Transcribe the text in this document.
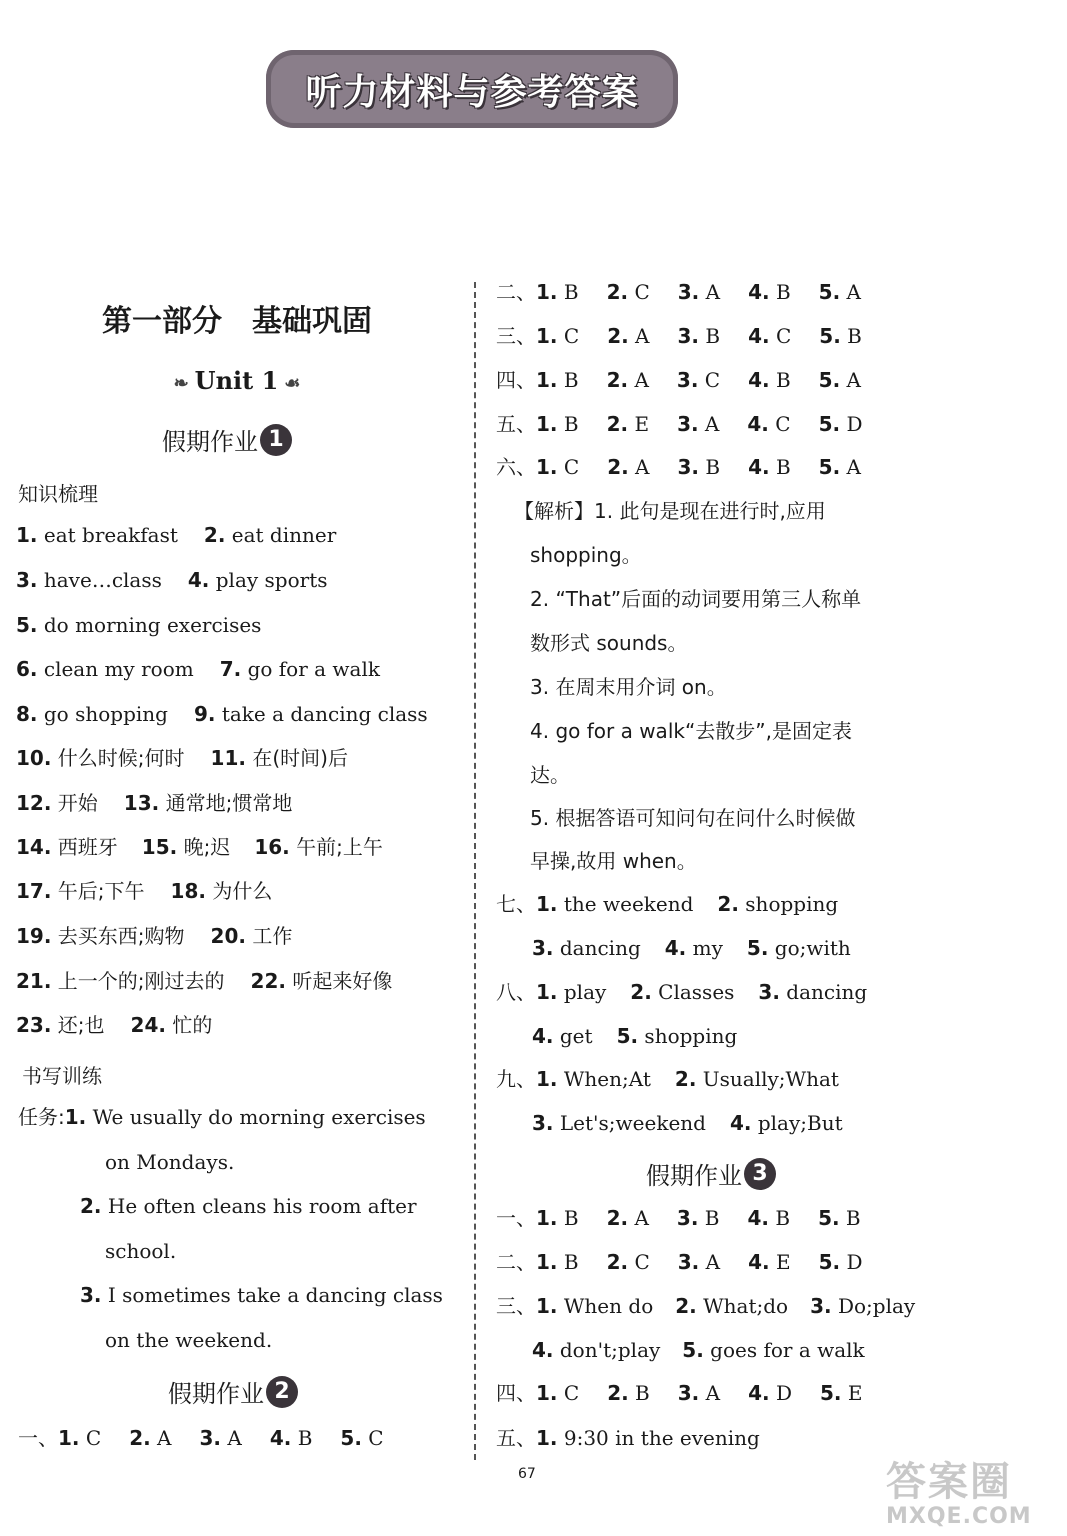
听力材料与参考答案
第一部分　基础巩固
❧ Unit 1 ☙
假期作业 1
知识梳理
1. eat breakfast 2. eat dinner
3. have…class 4. play sports
5. do morning exercises
6. clean my room 7. go for a walk
8. go shopping 9. take a dancing class
10. 什么时候;何时 11. 在(时间)后
12. 开始 13. 通常地;惯常地
17. 午后;下午 18. 为什么
19. 去买东西;购物 20. 工作
21. 上一个的;刚过去的 22. 听起来好像
23. 还;也 24. 忙的
14. 西班牙 15. 晚;迟 16. 午前;上午
书写训练
任务:1. We usually do morning exercises
on Mondays.
2. He often cleans his room after
school.
3. I sometimes take a dancing class
on the weekend.
假期作业 2
一、1. C 2. A 3. A 4. B 5. C
二、1. B 2. C 3. A 4. B 5. A
三、1. C 2. A 3. B 4. C 5. B
四、1. B 2. A 3. C 4. B 5. A
五、1. B 2. E 3. A 4. C 5. D
六、1. C 2. A 3. B 4. B 5. A
【解析】1. 此句是现在进行时,应用
shopping。
2. “That”后面的动词要用第三人称单
数形式 sounds。
3. 在周末用介词 on。
4. go for a walk“去散步”,是固定表
达。
5. 根据答语可知问句在问什么时候做
早操,故用 when。
七、1. the weekend 2. shopping
3. dancing 4. my 5. go;with
八、1. play 2. Classes 3. dancing
4. get 5. shopping
九、1. When;At 2. Usually;What
3. Let's;weekend 4. play;But
假期作业 3
一、1. B 2. A 3. B 4. B 5. B
二、1. B 2. C 3. A 4. E 5. D
三、1. When do 2. What;do 3. Do;play
4. don't;play 5. goes for a walk
四、1. C 2. B 3. A 4. D 5. E
五、1. 9:30 in the evening
67	答案圈
MXQE.COM
